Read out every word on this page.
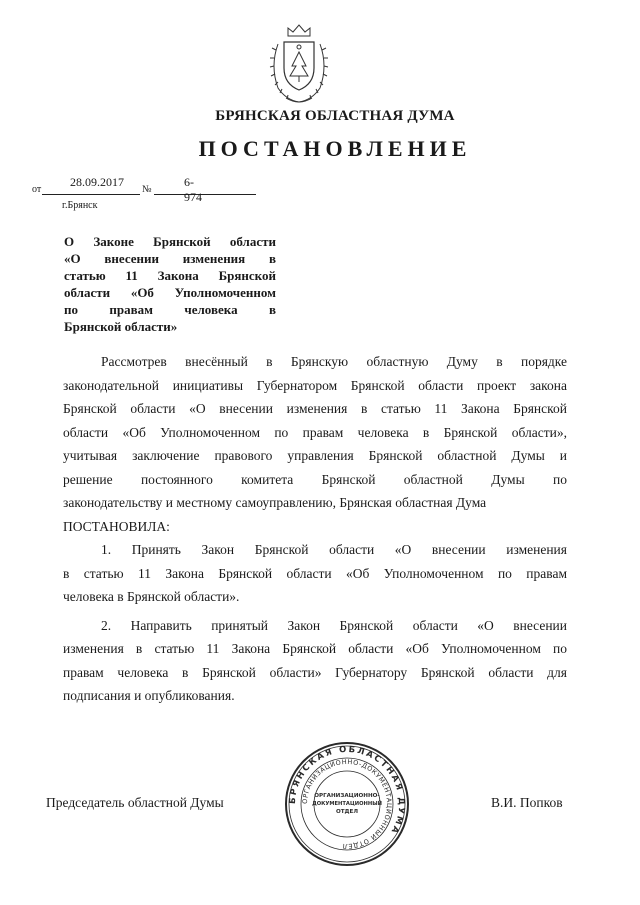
БРЯНСКАЯ ОБЛАСТНАЯ ДУМА
ПОСТАНОВЛЕНИЕ
от
28.09.2017
№
6-974
г.Брянск
О Законе Брянской области
«О внесении изменения в
статью 11 Закона Брянской
области «Об Уполномоченном
по правам человека в
Брянской области»
Рассмотрев внесённый в Брянскую областную Думу в порядке
законодательной инициативы Губернатором Брянской области проект закона
Брянской области «О внесении изменения в статью 11 Закона Брянской
области «Об Уполномоченном по правам человека в Брянской области»,
учитывая заключение правового управления Брянской областной Думы и
решение постоянного комитета Брянской областной Думы по
законодательству и местному самоуправлению, Брянская областная Дума
ПОСТАНОВИЛА:
1. Принять Закон Брянской области «О внесении изменения
в статью 11 Закона Брянской области «Об Уполномоченном по правам
человека в Брянской области».
2. Направить принятый Закон Брянской области «О внесении
изменения в статью 11 Закона Брянской области «Об Уполномоченном по
правам человека в Брянской области» Губернатору Брянской области для
подписания и опубликования.
БРЯНСКАЯ ОБЛАСТНАЯ ДУМА
ОРГАНИЗАЦИОННО-ДОКУМЕНТАЦИОННЫЙ ОТДЕЛ
ОРГАНИЗАЦИОННО-
ДОКУМЕНТАЦИОННЫЙ
ОТДЕЛ
Председатель областной Думы	В.И. Попков
